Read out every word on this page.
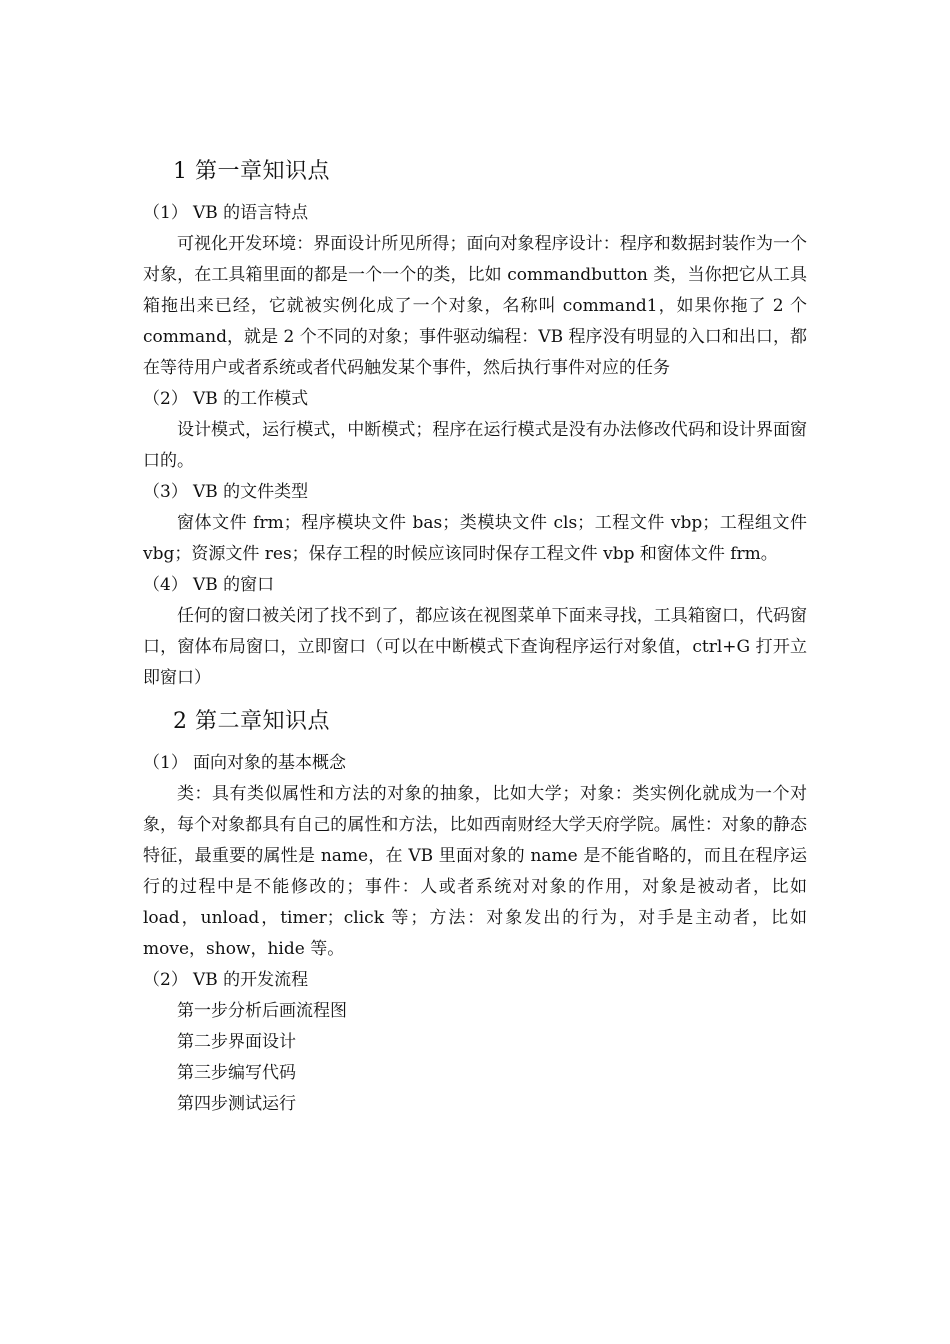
1 第一章知识点

（1） VB 的语言特点

可视化开发环境：界面设计所见所得；面向对象程序设计：程序和数据封装作为一个对象，在工具箱里面的都是一个一个的类，比如 commandbutton 类，当你把它从工具箱拖出来已经，它就被实例化成了一个对象，名称叫 command1，如果你拖了 2 个 command，就是 2 个不同的对象；事件驱动编程：VB 程序没有明显的入口和出口，都在等待用户或者系统或者代码触发某个事件，然后执行事件对应的任务

（2） VB 的工作模式

设计模式，运行模式，中断模式；程序在运行模式是没有办法修改代码和设计界面窗口的。

（3） VB 的文件类型

窗体文件 frm；程序模块文件 bas；类模块文件 cls；工程文件 vbp；工程组文件 vbg；资源文件 res；保存工程的时候应该同时保存工程文件 vbp 和窗体文件 frm。

（4） VB 的窗口

任何的窗口被关闭了找不到了，都应该在视图菜单下面来寻找，工具箱窗口，代码窗口，窗体布局窗口，立即窗口（可以在中断模式下查询程序运行对象值，ctrl+G 打开立即窗口）

2 第二章知识点

（1） 面向对象的基本概念

类：具有类似属性和方法的对象的抽象，比如大学；对象：类实例化就成为一个对象，每个对象都具有自己的属性和方法，比如西南财经大学天府学院。属性：对象的静态特征，最重要的属性是 name，在 VB 里面对象的 name 是不能省略的，而且在程序运行的过程中是不能修改的；事件：人或者系统对对象的作用，对象是被动者，比如 load，unload，timer；click 等；方法：对象发出的行为，对手是主动者，比如 move，show，hide 等。

（2） VB 的开发流程

第一步分析后画流程图

第二步界面设计

第三步编写代码

第四步测试运行
